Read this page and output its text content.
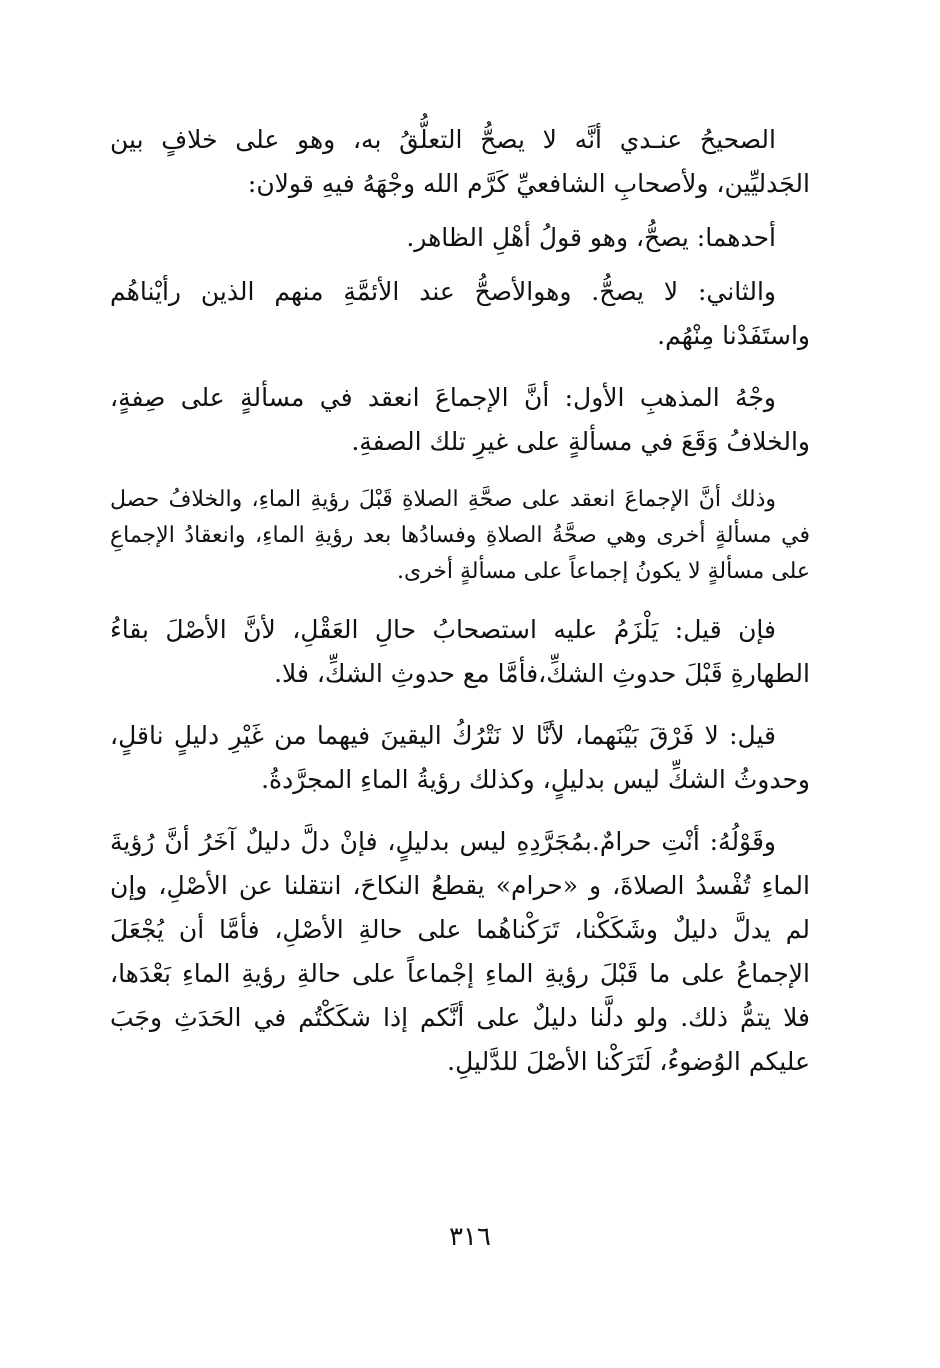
الصحيحُ عنـدي أنَّه لا يصحُّ التعلُّقُ به، وهو على خلافٍ بين الجَدليِّين، ولأصحابِ الشافعيِّ كَرَّم الله وجْهَهُ فيهِ قولان:

أحدهما: يصحُّ، وهو قولُ أهْلِ الظاهر.

والثاني: لا يصحُّ. وهوالأصحُّ عند الأئمَّةِ منهم الذين رأيْناهُم واستَفَدْنا مِنْهُم.

وجْهُ المذهبِ الأول: أنَّ الإجماعَ انعقد في مسألةٍ على صِفةٍ، والخلافُ وَقَعَ في مسألةٍ على غيرِ تلك الصفةِ.

وذلك أنَّ الإجماعَ انعقد على صحَّةِ الصلاةِ قَبْلَ رؤيةِ الماءِ، والخلافُ حصل في مسألةٍ أخرى وهي صحَّةُ الصلاةِ وفسادُها بعد رؤيةِ الماءِ، وانعقادُ الإجماعِ على مسألةٍ لا يكونُ إجماعاً على مسألةٍ أخرى.

فإن قيل: يَلْزَمُ عليه استصحابُ حالِ العَقْلِ، لأنَّ الأصْلَ بقاءُ الطهارةِ قَبْلَ حدوثِ الشكِّ،فأمَّا مع حدوثِ الشكِّ، فلا.

قيل: لا فَرْقَ بَيْنَهما، لأنَّا لا نَتْرُكُ اليقينَ فيهما من غَيْرِ دليلٍ ناقلٍ، وحدوثُ الشكِّ ليس بدليلٍ، وكذلك رؤيةُ الماءِ المجرَّدةُ.

وقَوْلُهُ: أنْتِ حرامٌ.بمُجَرَّدِهِ ليس بدليلٍ، فإنْ دلَّ دليلٌ آخَرُ أنَّ رُؤيةَ الماءِ تُفْسدُ الصلاةَ، و «حرام» يقطعُ النكاحَ، انتقلنا عن الأصْلِ، وإن لم يدلَّ دليلٌ وشَكَكْنا، تَرَكْناهُما على حالةِ الأصْلِ، فأمَّا أن يُجْعَلَ الإجماعُ على ما قَبْلَ رؤيةِ الماءِ إجْماعاً على حالةِ رؤيةِ الماءِ بَعْدَها، فلا يتمُّ ذلك. ولو دلَّنا دليلٌ على أنَّكم إذا شكَكْتُم في الحَدَثِ وجَبَ عليكم الوُضوءُ، لَتَرَكْنا الأصْلَ للدَّليلِ.

٣١٦
